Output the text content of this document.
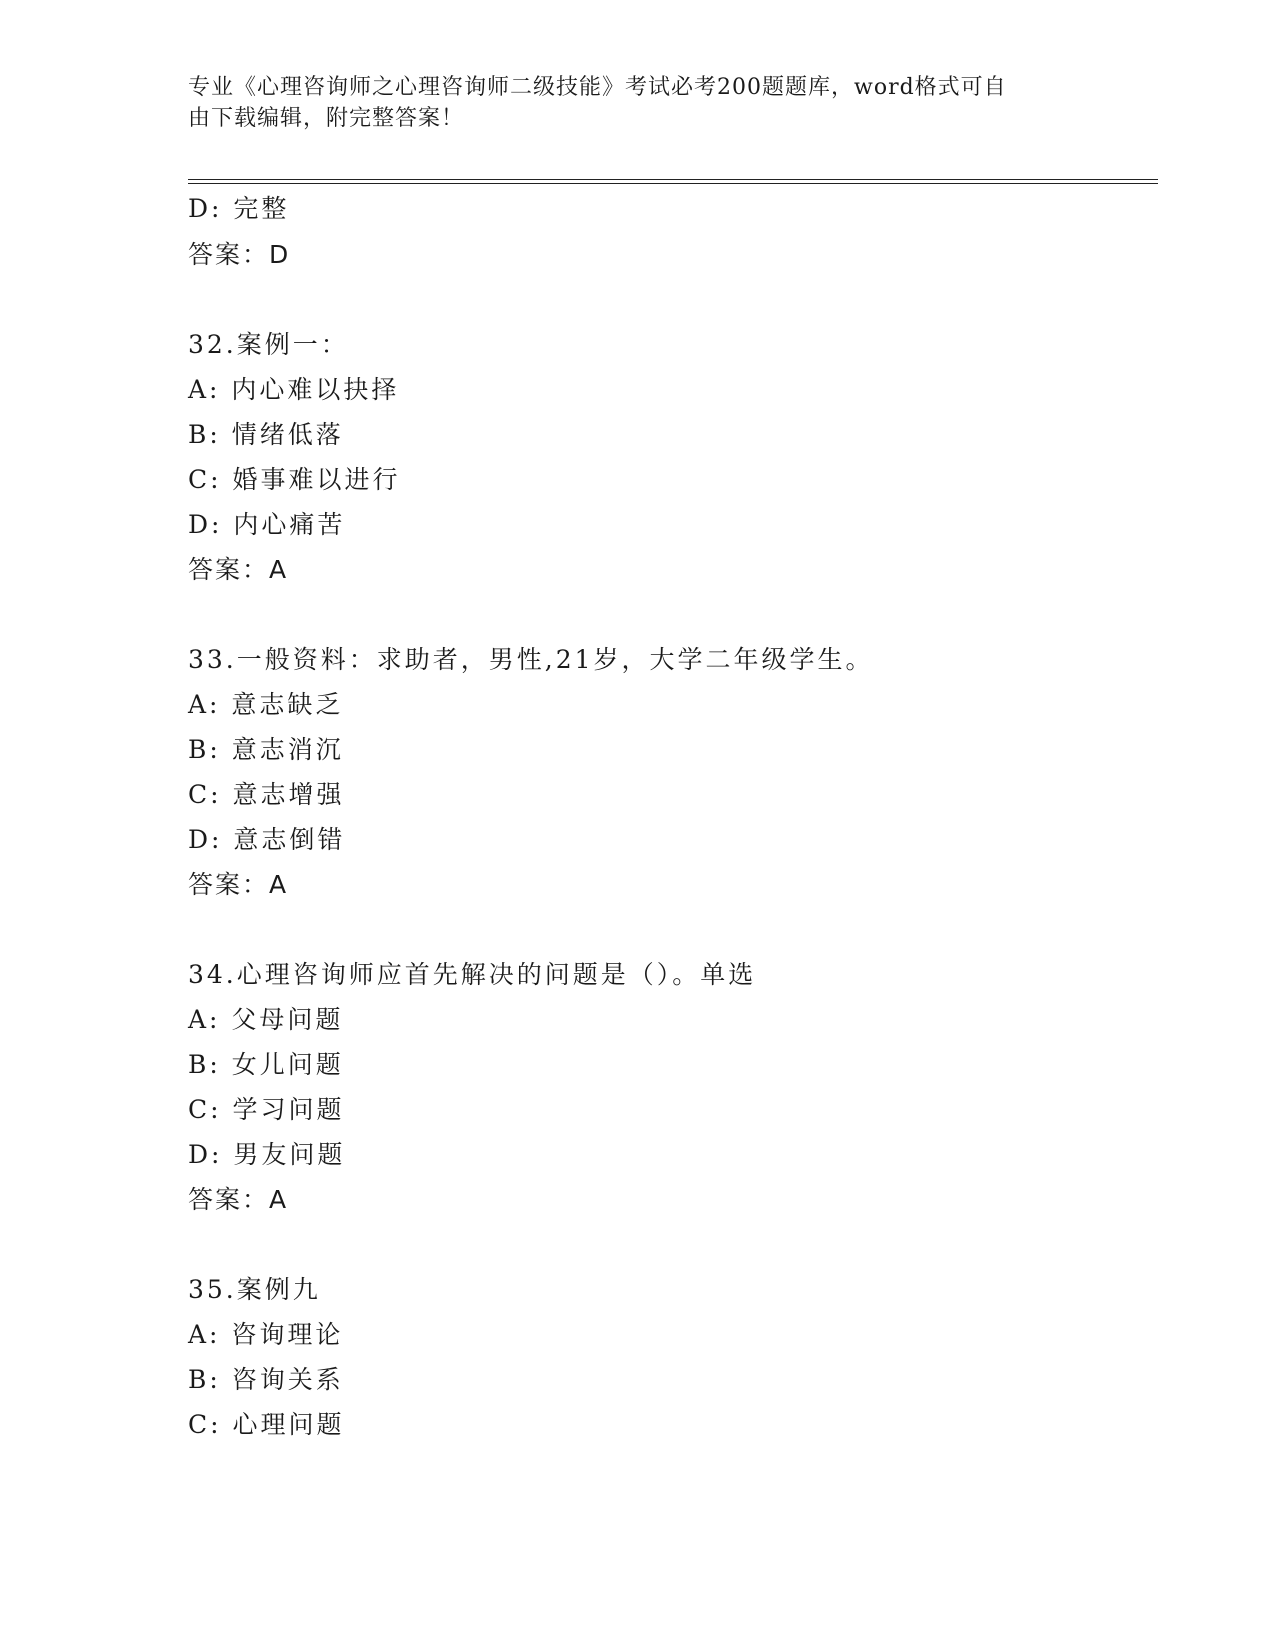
专业《心理咨询师之心理咨询师二级技能》考试必考200题题库，word格式可自
由下载编辑，附完整答案！
D: 完整
答案：D
32.案例一：
A: 内心难以抉择
B: 情绪低落
C: 婚事难以进行
D: 内心痛苦
答案：A
33.一般资料：求助者，男性,21岁，大学二年级学生。
A: 意志缺乏
B: 意志消沉
C: 意志增强
D: 意志倒错
答案：A
34.心理咨询师应首先解决的问题是（）。单选
A: 父母问题
B: 女儿问题
C: 学习问题
D: 男友问题
答案：A
35.案例九
A: 咨询理论
B: 咨询关系
C: 心理问题
